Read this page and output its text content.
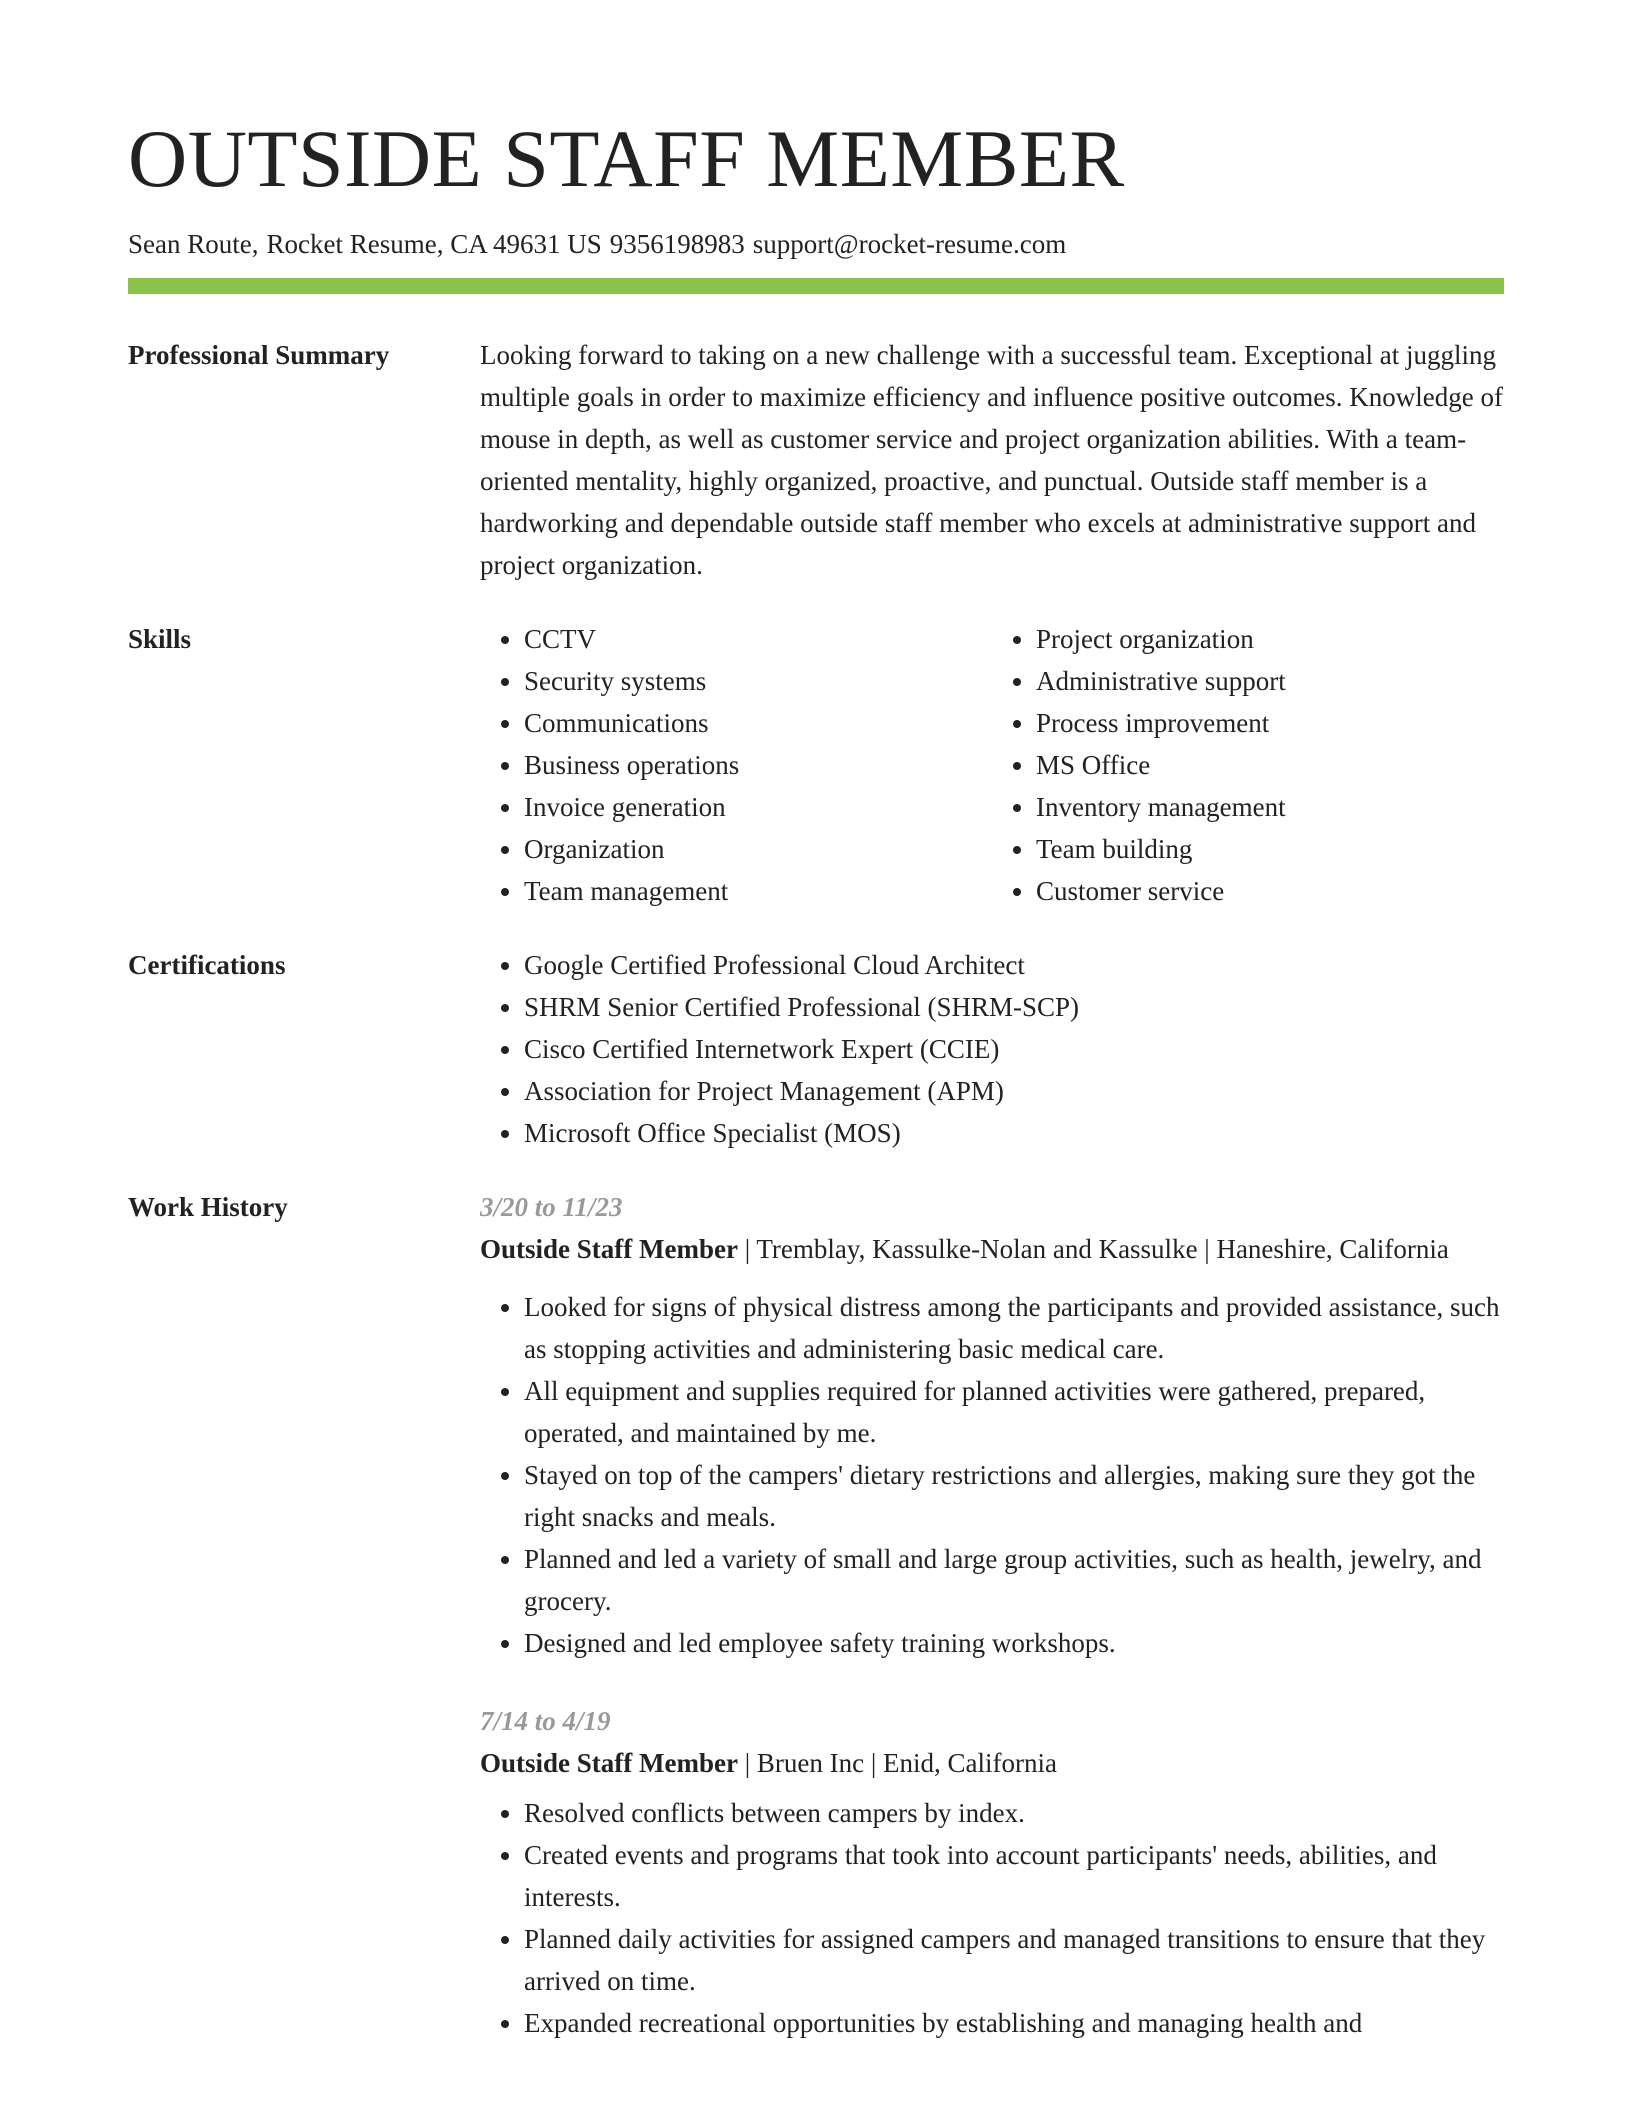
OUTSIDE STAFF MEMBER
Sean Route, Rocket Resume, CA 49631 US 9356198983 support@rocket-resume.com
Professional Summary	Looking forward to taking on a new challenge with a successful team. Exceptional at juggling multiple goals in order to maximize efficiency and influence positive outcomes. Knowledge of mouse in depth, as well as customer service and project organization abilities. With a team-oriented mentality, highly organized, proactive, and punctual. Outside staff member is a hardworking and dependable outside staff member who excels at administrative support and project organization.

Skills	• CCTV
• Security systems
• Communications
• Business operations
• Invoice generation
• Organization
• Team management
• Project organization
• Administrative support
• Process improvement
• MS Office
• Inventory management
• Team building
• Customer service
Certifications	• Google Certified Professional Cloud Architect
• SHRM Senior Certified Professional (SHRM-SCP)
• Cisco Certified Internetwork Expert (CCIE)
• Association for Project Management (APM)
• Microsoft Office Specialist (MOS)
Work History	3/20 to 11/23
Outside Staff Member | Tremblay, Kassulke-Nolan and Kassulke | Haneshire, California
• Looked for signs of physical distress among the participants and provided assistance, such as stopping activities and administering basic medical care.
• All equipment and supplies required for planned activities were gathered, prepared, operated, and maintained by me.
• Stayed on top of the campers' dietary restrictions and allergies, making sure they got the right snacks and meals.
• Planned and led a variety of small and large group activities, such as health, jewelry, and grocery.
• Designed and led employee safety training workshops.
7/14 to 4/19
Outside Staff Member | Bruen Inc | Enid, California
• Resolved conflicts between campers by index.
• Created events and programs that took into account participants' needs, abilities, and interests.
• Planned daily activities for assigned campers and managed transitions to ensure that they arrived on time.
• Expanded recreational opportunities by establishing and managing health and
